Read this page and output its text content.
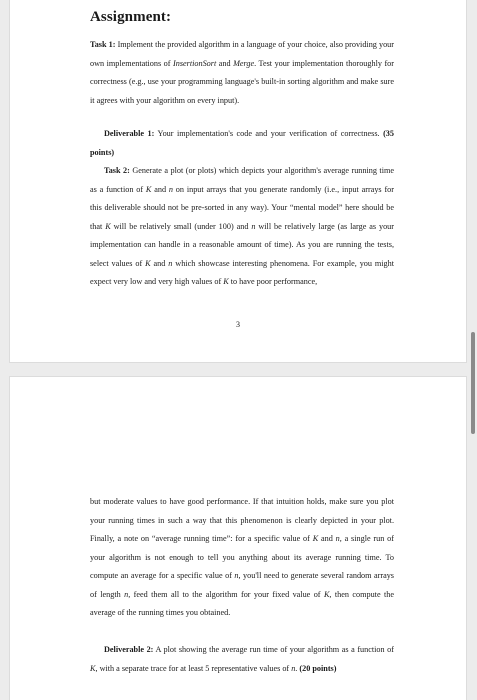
Assignment:
Task 1: Implement the provided algorithm in a language of your choice, also providing your own implementations of InsertionSort and Merge. Test your implementation thoroughly for correctness (e.g., use your programming language's built-in sorting algorithm and make sure it agrees with your algorithm on every input).
Deliverable 1: Your implementation's code and your verification of correctness. (35 points)
Task 2: Generate a plot (or plots) which depicts your algorithm's average running time as a function of K and n on input arrays that you generate randomly (i.e., input arrays for this deliverable should not be pre-sorted in any way). Your “mental model” here should be that K will be relatively small (under 100) and n will be relatively large (as large as your implementation can handle in a reasonable amount of time). As you are running the tests, select values of K and n which showcase interesting phenomena. For example, you might expect very low and very high values of K to have poor performance,
3
but moderate values to have good performance. If that intuition holds, make sure you plot your running times in such a way that this phenomenon is clearly depicted in your plot. Finally, a note on “average running time”: for a specific value of K and n, a single run of your algorithm is not enough to tell you anything about its average running time. To compute an average for a specific value of n, you'll need to generate several random arrays of length n, feed them all to the algorithm for your fixed value of K, then compute the average of the running times you obtained.
Deliverable 2: A plot showing the average run time of your algorithm as a function of K, with a separate trace for at least 5 representative values of n. (20 points)
